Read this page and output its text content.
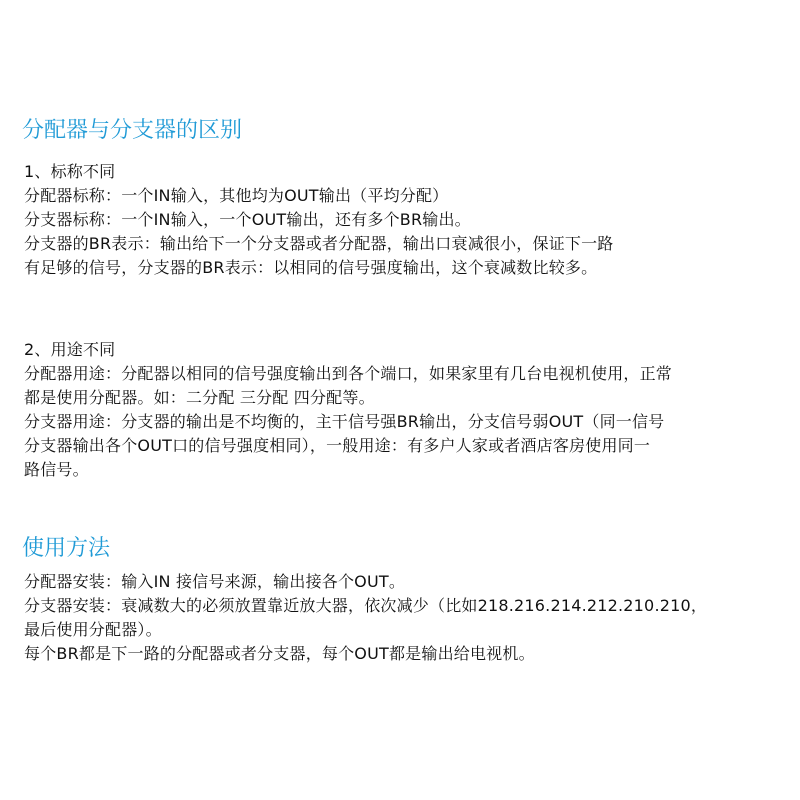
分配器与分支器的区别
1、标称不同
分配器标称：一个IN输入，其他均为OUT输出（平均分配）
分支器标称：一个IN输入，一个OUT输出，还有多个BR输出。
分支器的BR表示：输出给下一个分支器或者分配器，输出口衰减很小，保证下一路
有足够的信号，分支器的BR表示：以相同的信号强度输出，这个衰减数比较多。
2、用途不同
分配器用途：分配器以相同的信号强度输出到各个端口，如果家里有几台电视机使用，正常
都是使用分配器。如：二分配 三分配 四分配等。
分支器用途：分支器的输出是不均衡的，主干信号强BR输出，分支信号弱OUT（同一信号
分支器输出各个OUT口的信号强度相同），一般用途：有多户人家或者酒店客房使用同一
路信号。
使用方法
分配器安装：输入IN 接信号来源，输出接各个OUT。
分支器安装：衰减数大的必须放置靠近放大器，依次减少（比如218.216.214.212.210.210，
最后使用分配器）。
每个BR都是下一路的分配器或者分支器，每个OUT都是输出给电视机。
